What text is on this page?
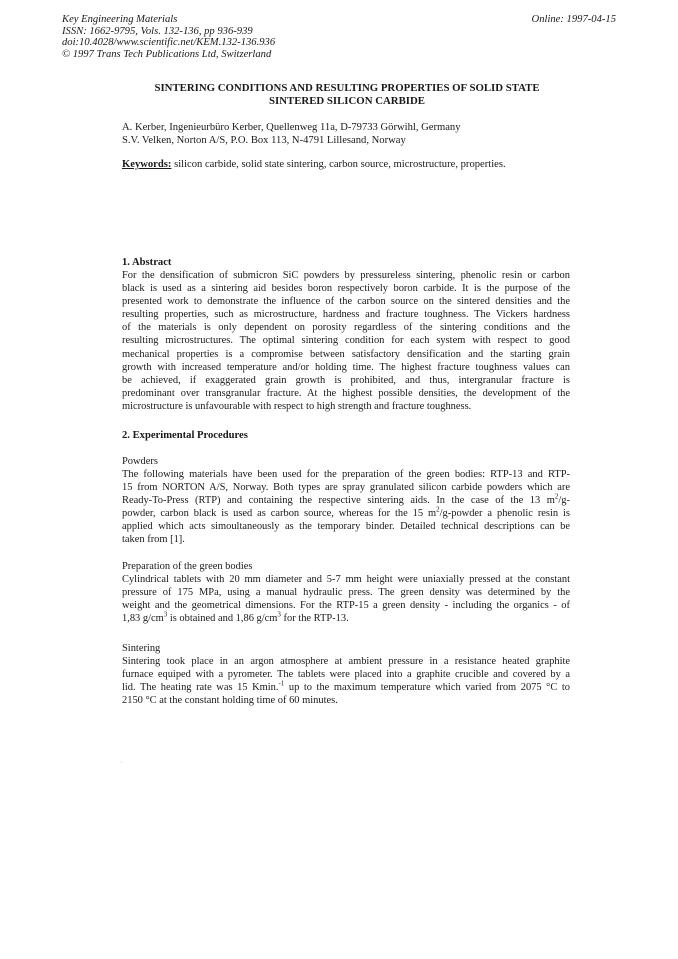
Key Engineering Materials
ISSN: 1662-9795, Vols. 132-136, pp 936-939
doi:10.4028/www.scientific.net/KEM.132-136.936
© 1997 Trans Tech Publications Ltd, Switzerland
Online: 1997-04-15
SINTERING CONDITIONS AND RESULTING PROPERTIES OF SOLID STATE
SINTERED SILICON CARBIDE
A. Kerber, Ingenieurbüro Kerber, Quellenweg 11a, D-79733 Görwihl, Germany
S.V. Velken, Norton A/S, P.O. Box 113, N-4791 Lillesand, Norway
Keywords: silicon carbide, solid state sintering, carbon source, microstructure, properties.
1. Abstract
For the densification of submicron SiC powders by pressureless sintering, phenolic resin or carbon
black is used as a sintering aid besides boron respectively boron carbide. It is the purpose of the
presented work to demonstrate the influence of the carbon source on the sintered densities and the
resulting properties, such as microstructure, hardness and fracture toughness. The Vickers hardness
of the materials is only dependent on porosity regardless of the sintering conditions and the
resulting microstructures. The optimal sintering condition for each system with respect to good
mechanical properties is a compromise between satisfactory densification and the starting grain
growth with increased temperature and/or holding time. The highest fracture toughness values can
be achieved, if exaggerated grain growth is prohibited, and thus, intergranular fracture is
predominant over transgranular fracture. At the highest possible densities, the development of the
microstructure is unfavourable with respect to high strength and fracture toughness.
2. Experimental Procedures
Powders
The following materials have been used for the preparation of the green bodies: RTP-13 and RTP-
15 from NORTON A/S, Norway. Both types are spray granulated silicon carbide powders which are
Ready-To-Press (RTP) and containing the respective sintering aids. In the case of the 13 $m^2/g-$
powder, carbon black is used as carbon source, whereas for the 15 $m^2/g$-powder a phenolic resin is
applied which acts simoultaneously as the temporary binder. Detailed technical descriptions can be
taken from [1].
Preparation of the green bodies
Cylindrical tablets with 20 mm diameter and 5-7 mm height were uniaxially pressed at the constant
pressure of 175 MPa, using a manual hydraulic press. The green density was determined by the
weight and the geometrical dimensions. For the RTP-15 a green density - including the organics - of
1,83 $g/cm^3$ is obtained and 1,86 $g/cm^3$ for the RTP-13.
Sintering
Sintering took place in an argon atmosphere at ambient pressure in a resistance heated graphite
furnace equiped with a pyrometer. The tablets were placed into a graphite crucible and covered by a
lid. The heating rate was 15 Kmin.$^{-1}$ up to the maximum temperature which varied from 2075 °C to
2150 °C at the constant holding time of 60 minutes.
